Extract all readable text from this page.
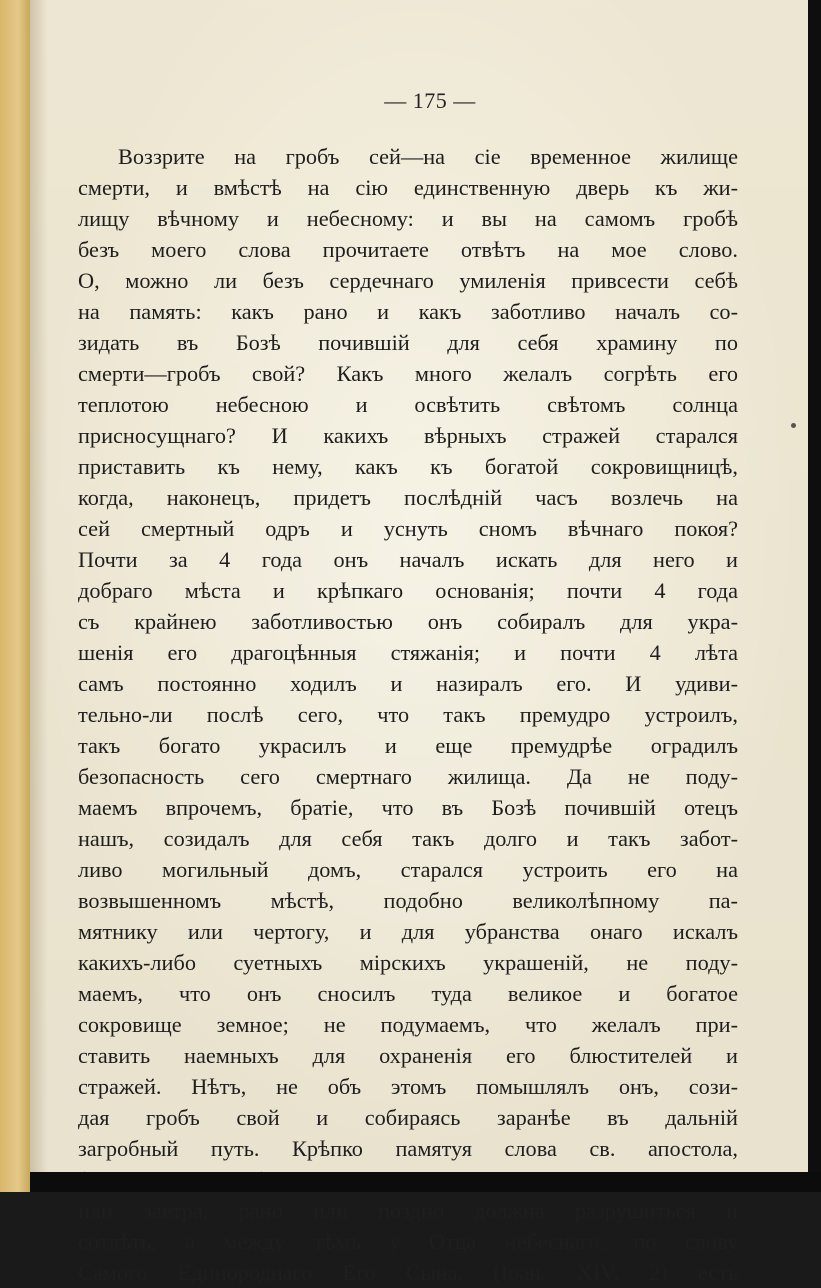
— 175 —
Воззрите на гробъ сей—на сіе временное жилище
смерти, и вмѣстѣ на сію единственную дверь къ жи-
лищу вѣчному и небесному: и вы на самомъ гробѣ
безъ моего слова прочитаете отвѣтъ на мое слово.
О, можно ли безъ сердечнаго умиленія привсести себѣ
на память: какъ рано и какъ заботливо началъ со-
зидать въ Бозѣ почившій для себя храмину по
смерти—гробъ свой? Какъ много желалъ согрѣть его
теплотою небесною и освѣтить свѣтомъ солнца
присносущнаго? И какихъ вѣрныхъ стражей старался
приставить къ нему, какъ къ богатой сокровищницѣ,
когда, наконецъ, придетъ послѣдній часъ возлечь на
сей смертный одръ и уснуть сномъ вѣчнаго покоя?
Почти за 4 года онъ началъ искать для него и
добраго мѣста и крѣпкаго основанія; почти 4 года
съ крайнею заботливостью онъ собиралъ для укра-
шенія его драгоцѣнныя стяжанія; и почти 4 лѣта
самъ постоянно ходилъ и назиралъ его. И удиви-
тельно-ли послѣ сего, что такъ премудро устроилъ,
такъ богато украсилъ и еще премудрѣе оградилъ
безопасность сего смертнаго жилища. Да не поду-
маемъ впрочемъ, братіе, что въ Бозѣ почившій отецъ
нашъ, созидалъ для себя такъ долго и такъ забот-
ливо могильный домъ, старался устроить его на
возвышенномъ мѣстѣ, подобно великолѣпному па-
мятнику или чертогу, и для убранства онаго искалъ
какихъ-либо суетныхъ мірскихъ украшеній, не поду-
маемъ, что онъ сносилъ туда великое и богатое
сокровище земное; не подумаемъ, что желалъ при-
ставить наемныхъ для охраненія его блюстителей и
стражей. Нѣтъ, не объ этомъ помышлялъ онъ, сози-
дая гробъ свой и собираясь заранѣе въ дальній
загробный путь. Крѣпко памятуя слова св. апостола,
или завтра, рано или поздно должна разрушиться и
сотлѣть, а между тѣмъ у Отца небеснаго, по слову
Самого Единороднаго Его Сына, (Іоан. XIV, 2) есть
